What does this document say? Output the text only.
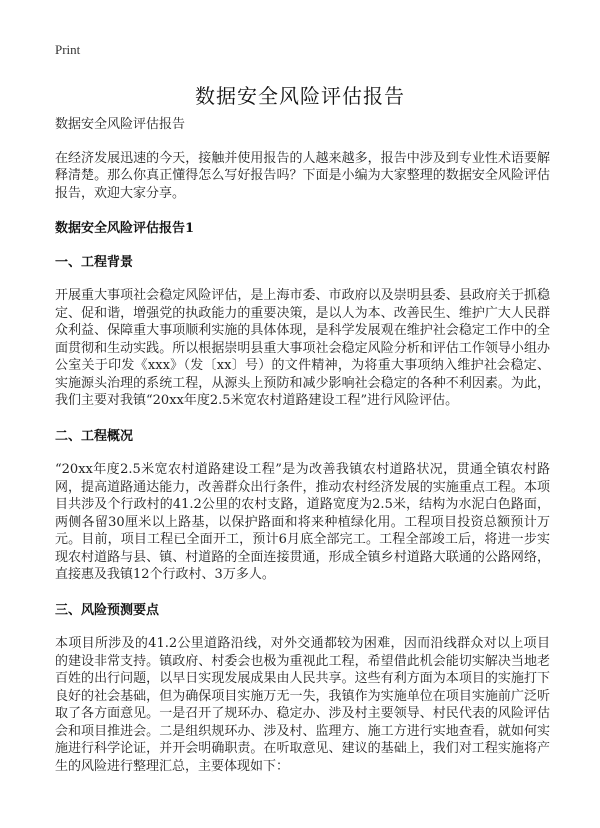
Print
数据安全风险评估报告

数据安全风险评估报告

在经济发展迅速的今天，接触并使用报告的人越来越多，报告中涉及到专业性术语要解释清楚。那么你真正懂得怎么写好报告吗？下面是小编为大家整理的数据安全风险评估报告，欢迎大家分享。

数据安全风险评估报告1

一、工程背景

开展重大事项社会稳定风险评估，是上海市委、市政府以及崇明县委、县政府关于抓稳定、促和谐，增强党的执政能力的重要决策，是以人为本、改善民生、维护广大人民群众利益、保障重大事项顺利实施的具体体现，是科学发展观在维护社会稳定工作中的全面贯彻和生动实践。所以根据崇明县重大事项社会稳定风险分析和评估工作领导小组办公室关于印发《xxx》（发〔xx〕号）的文件精神，为将重大事项纳入维护社会稳定、实施源头治理的系统工程，从源头上预防和减少影响社会稳定的各种不利因素。为此，我们主要对我镇“20xx年度2.5米宽农村道路建设工程”进行风险评估。

二、工程概况

“20xx年度2.5米宽农村道路建设工程”是为改善我镇农村道路状况，贯通全镇农村路网，提高道路通达能力，改善群众出行条件，推动农村经济发展的实施重点工程。本项目共涉及个行政村的41.2公里的农村支路，道路宽度为2.5米，结构为水泥白色路面，两侧各留30厘米以上路基，以保护路面和将来种植绿化用。工程项目投资总额预计万元。目前，项目工程已全面开工，预计6月底全部完工。工程全部竣工后，将进一步实现农村道路与县、镇、村道路的全面连接贯通，形成全镇乡村道路大联通的公路网络，直接惠及我镇12个行政村、3万多人。

三、风险预测要点

本项目所涉及的41.2公里道路沿线，对外交通都较为困难，因而沿线群众对以上项目的建设非常支持。镇政府、村委会也极为重视此工程，希望借此机会能切实解决当地老百姓的出行问题，以早日实现发展成果由人民共享。这些有利方面为本项目的实施打下良好的社会基础，但为确保项目实施万无一失，我镇作为实施单位在项目实施前广泛听取了各方面意见。一是召开了规环办、稳定办、涉及村主要领导、村民代表的风险评估会和项目推进会。二是组织规环办、涉及村、监理方、施工方进行实地查看，就如何实施进行科学论证，并开会明确职责。在听取意见、建议的基础上，我们对工程实施将产生的风险进行整理汇总，主要体现如下：
